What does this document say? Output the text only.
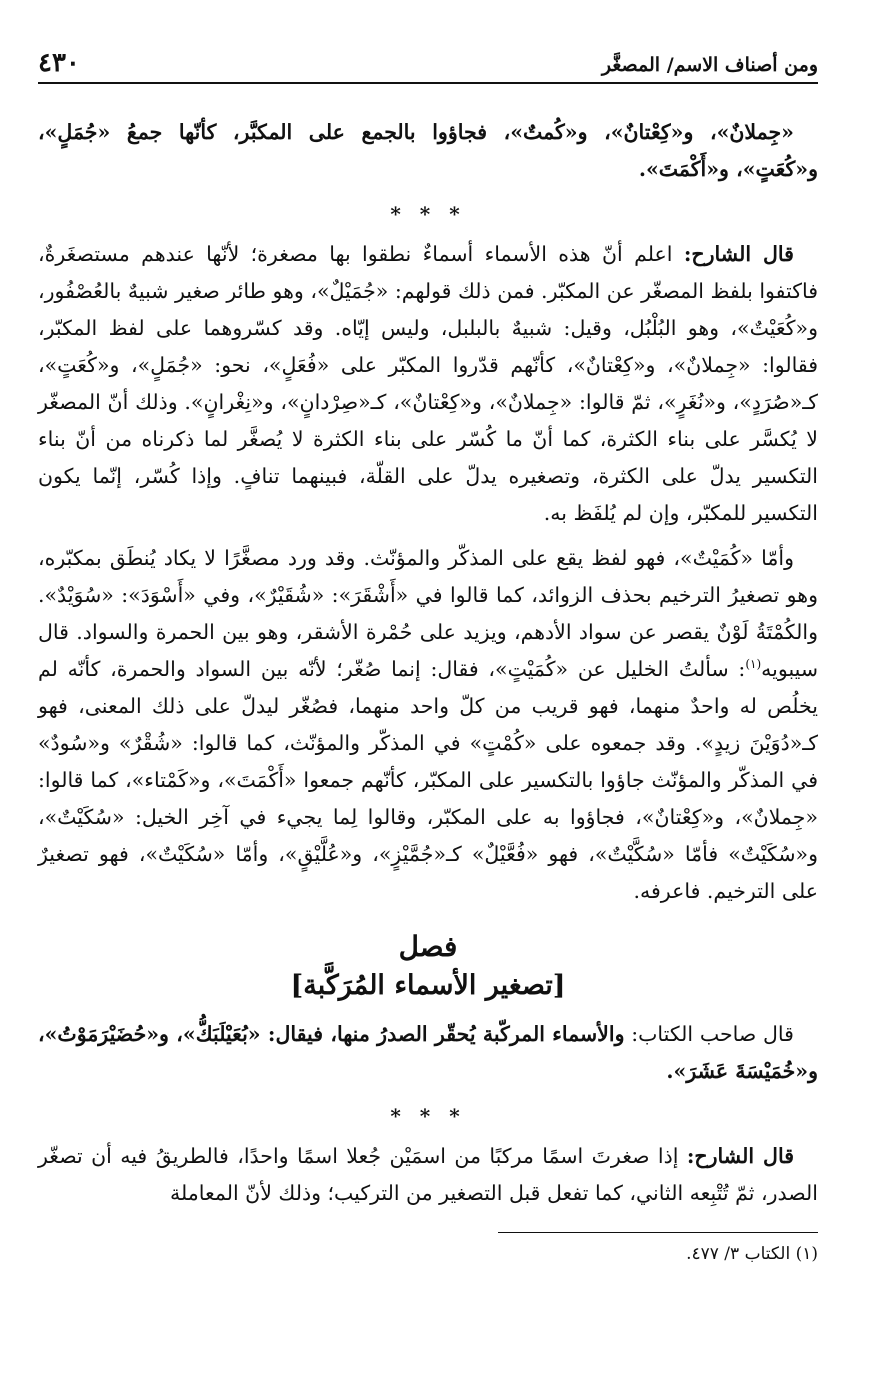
ومن أصناف الاسم/ المصغَّر
٤٣٠

«جِملانٌ»، و«كِعْتانٌ»، و«كُمتٌ»، فجاؤوا بالجمع على المكبَّر، كأنّها جمعُ «جُمَلٍ»، و«كُعَتٍ»، و«أَكْمَتَ».

* * *

قال الشارح: اعلم أنّ هذه الأسماء أسماءٌ نطقوا بها مصغرة؛ لأنّها عندهم مستصغَرةٌ، فاكتفوا بلفظ المصغّر عن المكبّر. فمن ذلك قولهم: «جُمَيْلٌ»، وهو طائر صغير شبيهٌ بالعُصْفُور، و«كُعَيْتٌ»، وهو البُلْبُل، وقيل: شبيهٌ بالبلبل، وليس إيّاه. وقد كسّروهما على لفظ المكبّر، فقالوا: «جِملانٌ»، و«كِعْتانٌ»، كأنّهم قدّروا المكبّر على «فُعَلٍ»، نحو: «جُمَلٍ»، و«كُعَتٍ»، كـ«صُرَدٍ»، و«نُغَرٍ»، ثمّ قالوا: «جِملانٌ»، و«كِعْتانٌ»، كـ«صِرْدانٍ»، و«نِغْرانٍ». وذلك أنّ المصغّر لا يُكسَّر على بناء الكثرة، كما أنّ ما كُسّر على بناء الكثرة لا يُصغَّر لما ذكرناه من أنّ بناء التكسير يدلّ على الكثرة، وتصغيره يدلّ على القلّة، فبينهما تنافٍ. وإذا كُسّر، إنّما يكون التكسير للمكبّر، وإن لم يُلفَظ به.

وأمّا «كُمَيْتٌ»، فهو لفظ يقع على المذكّر والمؤنّث. وقد ورد مصغَّرًا لا يكاد يُنطَق بمكبّره، وهو تصغيرُ الترخيم بحذف الزوائد، كما قالوا في «أَشْقَرَ»: «شُقَيْرٌ»، وفي «أَسْوَدَ»: «سُوَيْدٌ». والكُمْتَةُ لَوْنٌ يقصر عن سواد الأدهم، ويزيد على حُمْرة الأشقر، وهو بين الحمرة والسواد. قال سيبويه$^{(١)}$: سألتُ الخليل عن «كُمَيْتٍ»، فقال: إنما صُغّر؛ لأنّه بين السواد والحمرة، كأنّه لم يخلُص له واحدٌ منهما، فهو قريب من كلّ واحد منهما، فصُغّر ليدلّ على ذلك المعنى، فهو كـ«دُوَيْنَ زيدٍ». وقد جمعوه على «كُمْتٍ» في المذكّر والمؤنّث، كما قالوا: «شُقْرٌ» و«سُودٌ» في المذكّر والمؤنّث جاؤوا بالتكسير على المكبّر، كأنّهم جمعوا «أَكْمَتَ»، و«كَمْتاء»، كما قالوا: «جِملانٌ»، و«كِعْتانٌ»، فجاؤوا به على المكبّر، وقالوا لِما يجيء في آخِر الخيل: «سُكَيْتٌ»، و«سُكَيْتٌ» فأمّا «سُكَّيْتٌ»، فهو «فُعَّيْلٌ» كـ«جُمَّيْزٍ»، و«عُلَّيْقٍ»، وأمّا «سُكَيْتٌ»، فهو تصغيرٌ على الترخيم. فاعرفه.

فصل
[تصغير الأسماء المُرَكَّبة]

قال صاحب الكتاب: والأسماء المركّبة يُحقّر الصدرُ منها، فيقال: «بُعَيْلَبَكُّ»، و«حُضَيْرَمَوْتُ»، و«خُمَيْسَةَ عَشَرَ».

* * *

قال الشارح: إذا صغرتَ اسمًا مركبًا من اسمَيْن جُعلا اسمًا واحدًا، فالطريقُ فيه أن تصغّر الصدر، ثمّ تُتْبِعه الثاني، كما تفعل قبل التصغير من التركيب؛ وذلك لأنّ المعاملة

(١) الكتاب ٣/ ٤٧٧.
